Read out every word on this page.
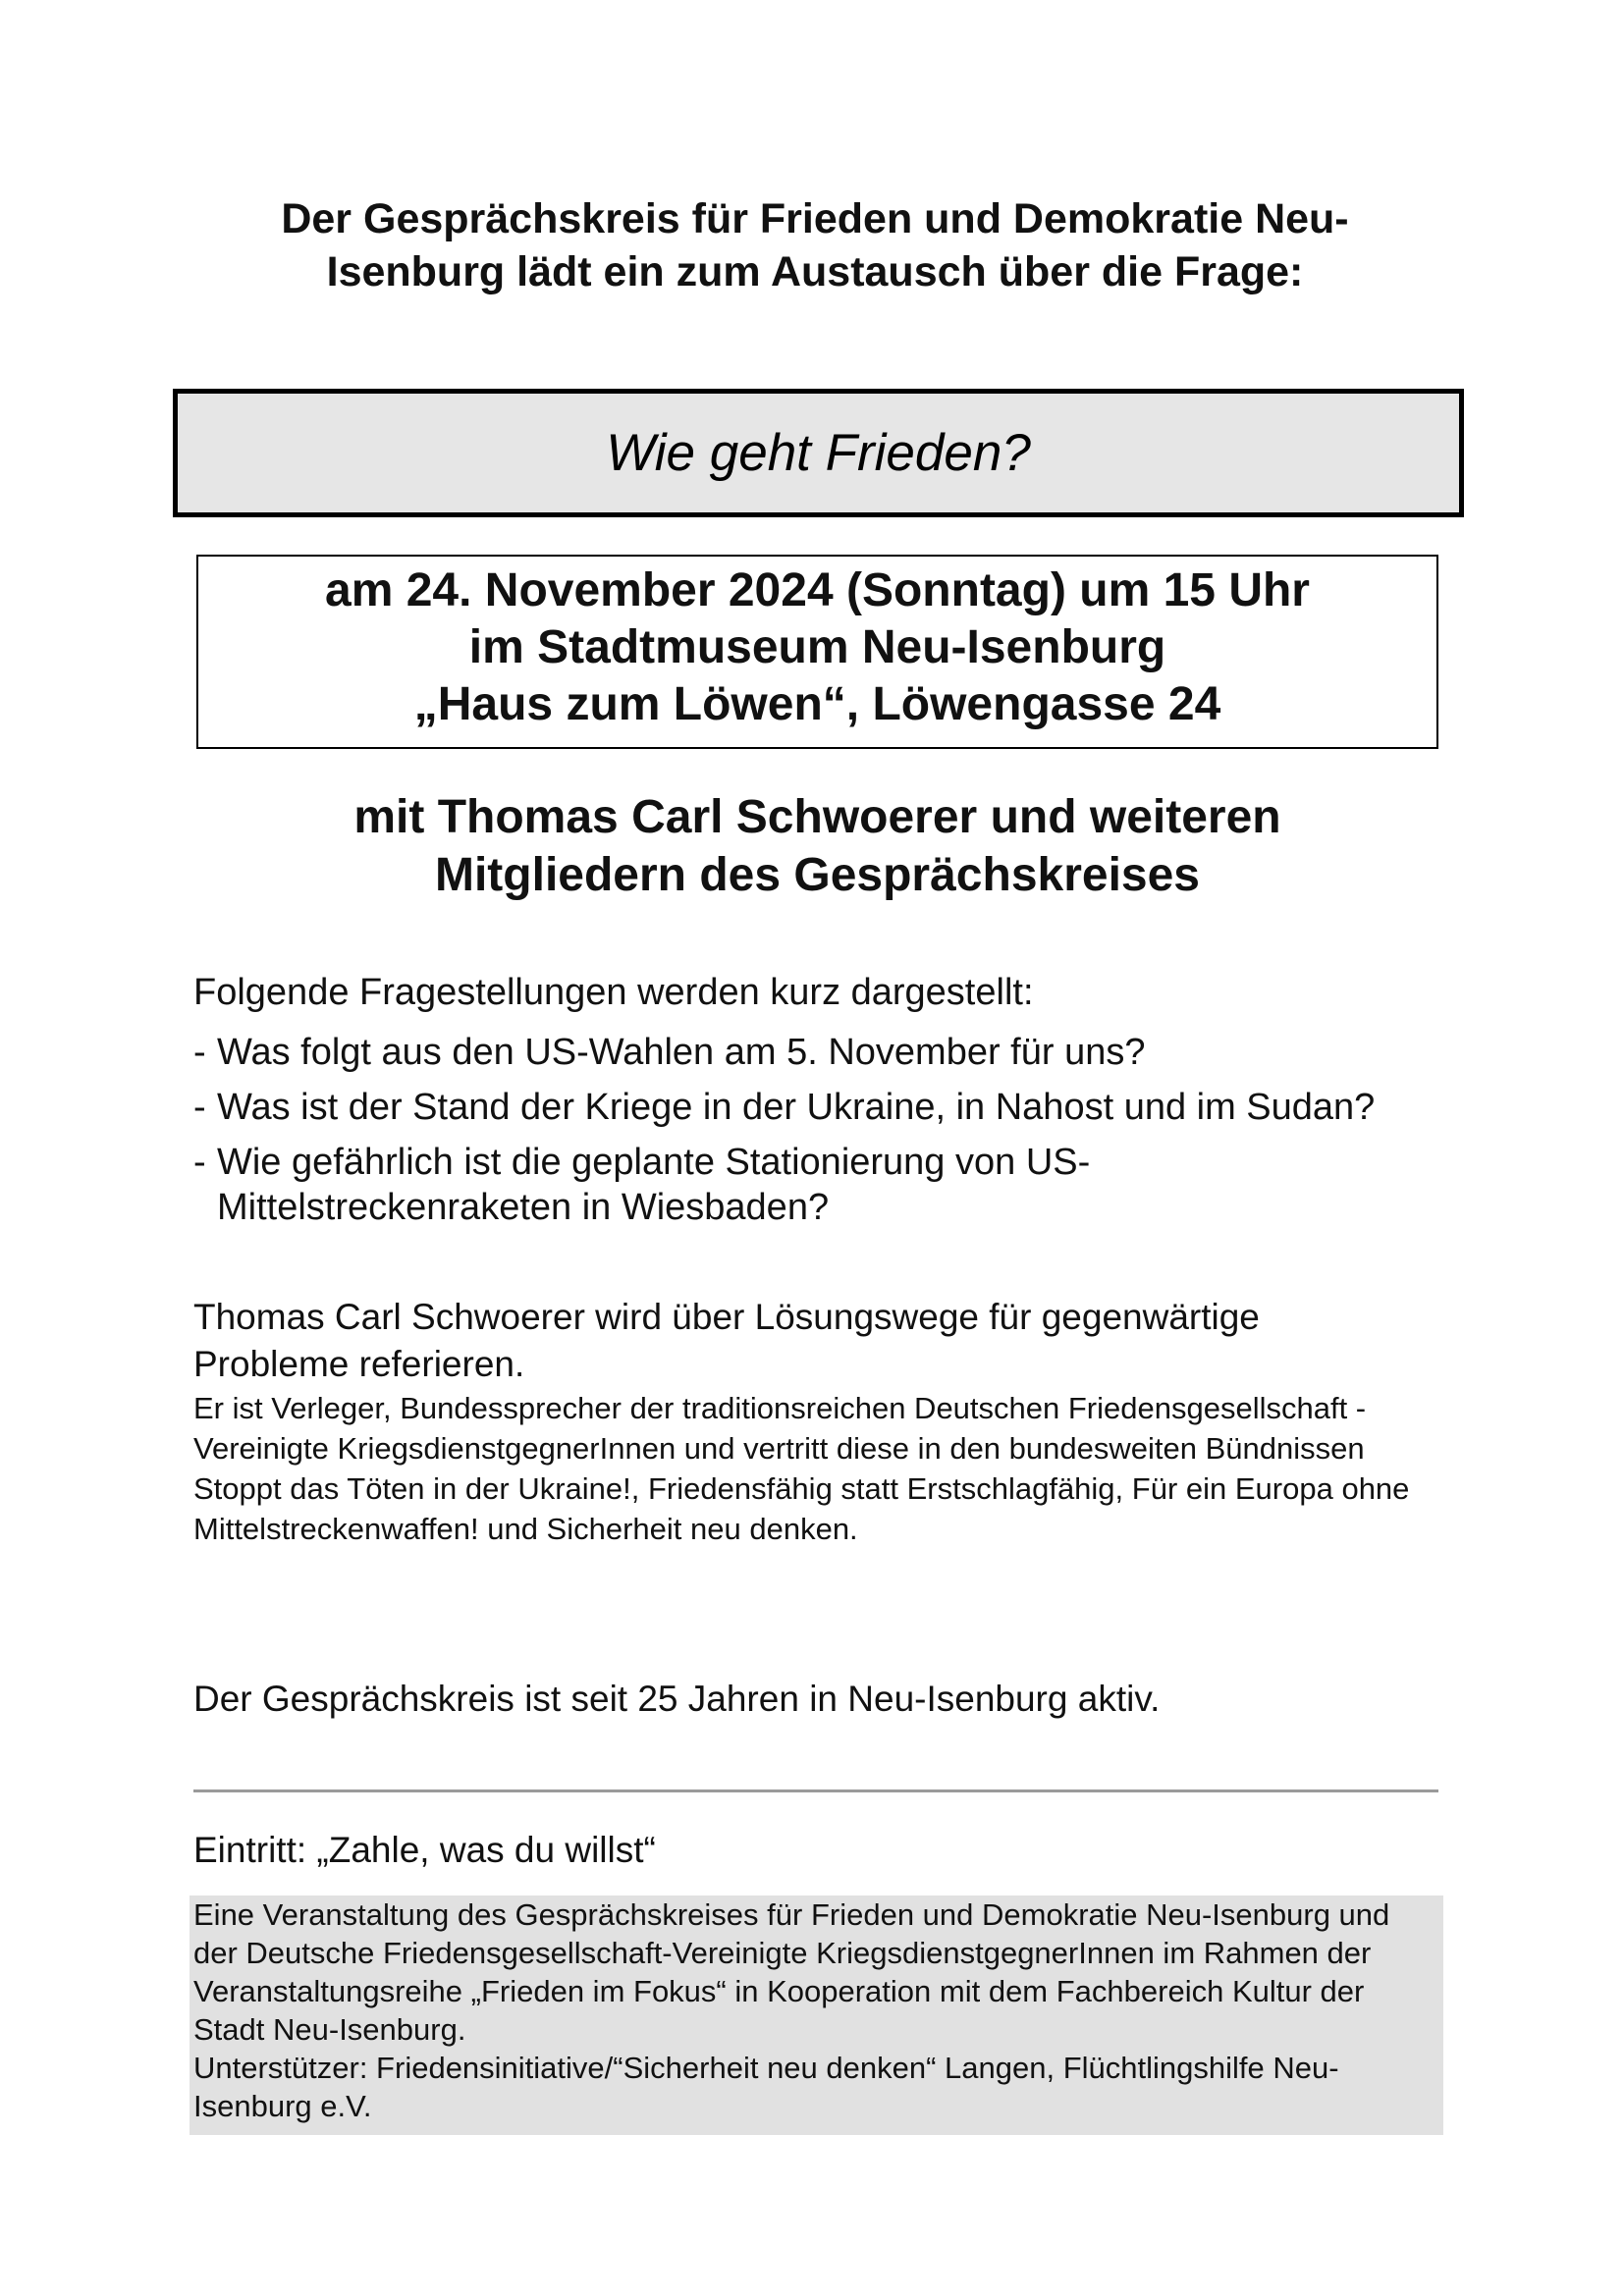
Der Gesprächskreis für Frieden und Demokratie Neu-
Isenburg lädt ein zum Austausch über die Frage:
Wie geht Frieden?
am 24. November 2024 (Sonntag) um 15 Uhr
im Stadtmuseum Neu-Isenburg
„Haus zum Löwen“, Löwengasse 24
mit Thomas Carl Schwoerer und weiteren
Mitgliedern des Gesprächskreises
Folgende Fragestellungen werden kurz dargestellt:
- Was folgt aus den US-Wahlen am 5. November für uns?
- Was ist der Stand der Kriege in der Ukraine, in Nahost und im Sudan?
- Wie gefährlich ist die geplante Stationierung von US-Mittelstreckenraketen in Wiesbaden?

Thomas Carl Schwoerer wird über Lösungswege für gegenwärtige Probleme referieren.

Er ist Verleger, Bundessprecher der traditionsreichen Deutschen Friedensgesellschaft - Vereinigte KriegsdienstgegnerInnen und vertritt diese in den bundesweiten Bündnissen Stoppt das Töten in der Ukraine!, Friedensfähig statt Erstschlagfähig, Für ein Europa ohne Mittelstreckenwaffen! und Sicherheit neu denken.

Der Gesprächskreis ist seit 25 Jahren in Neu-Isenburg aktiv.

Eintritt: „Zahle, was du willst“

Eine Veranstaltung des Gesprächskreises für Frieden und Demokratie Neu-Isenburg und der Deutsche Friedensgesellschaft-Vereinigte KriegsdienstgegnerInnen im Rahmen der Veranstaltungsreihe „Frieden im Fokus“ in Kooperation mit dem Fachbereich Kultur der Stadt Neu-Isenburg.

Unterstützer: Friedensinitiative/“Sicherheit neu denken“ Langen, Flüchtlingshilfe Neu-Isenburg e.V.
